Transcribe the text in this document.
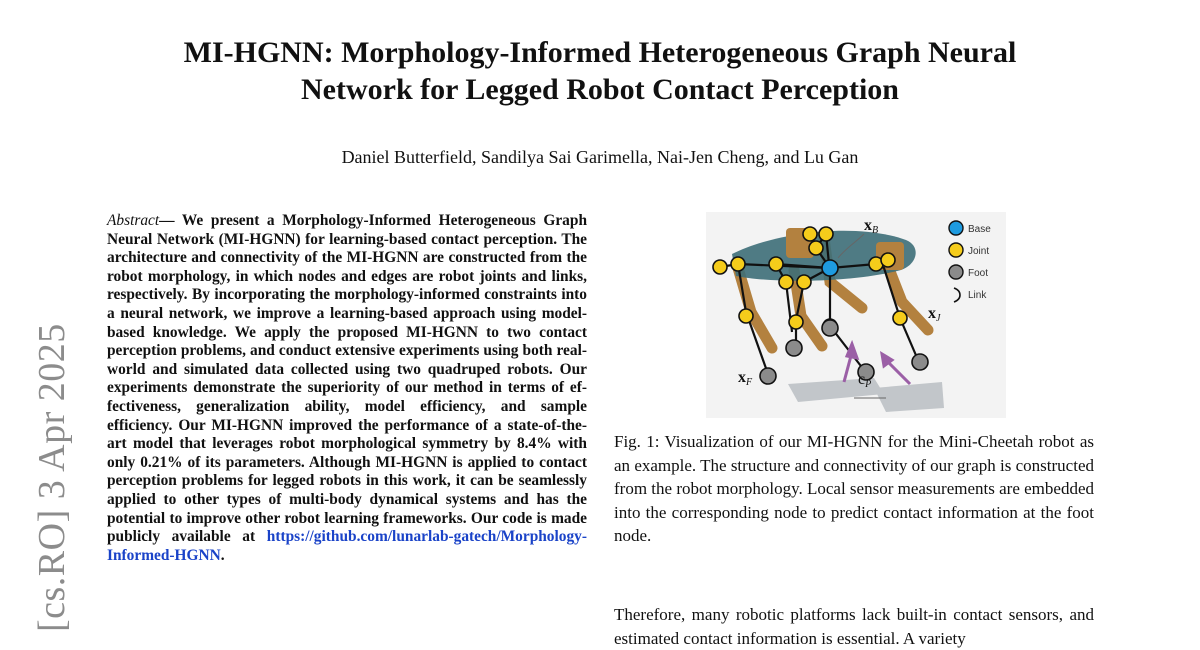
MI-HGNN: Morphology-Informed Heterogeneous Graph Neural
Network for Legged Robot Contact Perception
Daniel Butterfield, Sandilya Sai Garimella, Nai-Jen Cheng, and Lu Gan
[cs.RO] 3 Apr 2025

Abstract— We present a Morphology-Informed Heterogeneous Graph Neural Network (MI-HGNN) for learning-based contact perception. The architecture and connectivity of the MI-HGNN are constructed from the robot morphology, in which nodes and edges are robot joints and links, respectively. By incorporating the morphology-informed constraints into a neural network, we improve a learning-based approach using model-based knowledge. We apply the proposed MI-HGNN to two contact perception problems, and conduct extensive experiments using both real-world and simulated data collected using two quadruped robots. Our experiments demonstrate the superiority of our method in terms of effectiveness, generalization ability, model efficiency, and sample efficiency. Our MI-HGNN improved the performance of a state-of-the-art model that leverages robot morphological symmetry by 8.4% with only 0.21% of its parameters. Although MI-HGNN is applied to contact perception problems for legged robots in this work, it can be seamlessly applied to other types of multi-body dynamical systems and has the potential to improve other robot learning frameworks. Our code is made publicly available at https://github.com/lunarlab-gatech/Morphology-Informed-HGNN.

xB
xJ
xF	cP
Base
Joint
Foot
Link

Fig. 1: Visualization of our MI-HGNN for the Mini-Cheetah robot as an example. The structure and connectivity of our graph is constructed from the robot morphology. Local sensor measurements are embedded into the corresponding node to predict contact information at the foot node.

Therefore, many robotic platforms lack built-in contact sensors, and estimated contact information is essential. A variety
